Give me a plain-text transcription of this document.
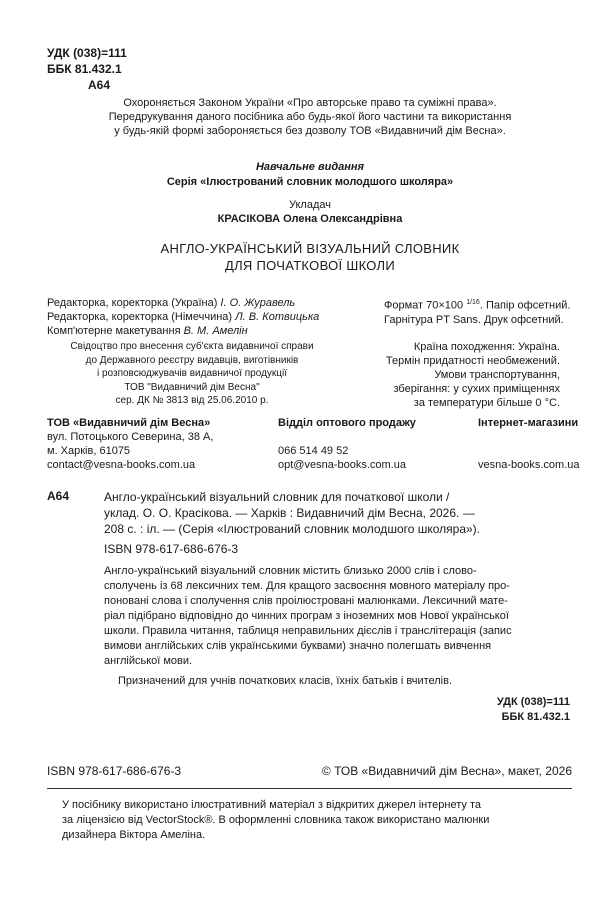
УДК (038)=111
ББК 81.432.1
А64
Охороняється Законом України «Про авторське право та суміжні права».
Передрукування даного посібника або будь-якої його частини та використання
у будь-якій формі забороняється без дозволу ТОВ «Видавничий дім Весна».
Навчальне видання
Серія «Ілюстрований словник молодшого школяра»
Укладач
КРАСІКОВА Олена Олександрівна
АНГЛО-УКРАЇНСЬКИЙ ВІЗУАЛЬНИЙ СЛОВНИК
ДЛЯ ПОЧАТКОВОЇ ШКОЛИ
Редакторка, коректорка (Україна) І. О. Журавель
Редакторка, коректорка (Німеччина) Л. В. Котвицька
Комп'ютерне макетування В. М. Амелін
Формат 70×100 $^{1/16}$. Папір офсетний.
Гарнітура PT Sans. Друк офсетний.
Свідоцтво про внесення суб'єкта видавничої справи
до Державного реєстру видавців, виготівників
і розповсюджувачів видавничої продукції
ТОВ "Видавничий дім Весна"
сер. ДК № 3813 від 25.06.2010 р.
Країна походження: Україна.
Термін придатності необмежений.
Умови транспортування,
зберігання: у сухих приміщеннях
за температури більше 0 °С.
ТОВ «Видавничий дім Весна»
вул. Потоцького Северина, 38 А,
м. Харків, 61075
contact@vesna-books.com.ua
Відділ оптового продажу
066 514 49 52
opt@vesna-books.com.ua
Інтернет-магазини
vesna-books.com.ua
А64	Англо-український візуальний словник для початкової школи /
уклад. О. О. Красікова. — Харків : Видавничий дім Весна, 2026. —
208 с. : іл. — (Серія «Ілюстрований словник молодшого школяра»).
ISBN 978-617-686-676-3
Англо-український візуальний словник містить близько 2000 слів і слово-
сполучень із 68 лексичних тем. Для кращого засвоєння мовного матеріалу про-
поновані слова і сполучення слів проілюстровані малюнками. Лексичний мате-
ріал підібрано відповідно до чинних програм з іноземних мов Нової української
школи. Правила читання, таблиця неправильних дієслів і транслітерація (запис
вимови англійських слів українськими буквами) значно полегшать вивчення
англійської мови.
Призначений для учнів початкових класів, їхніх батьків і вчителів.
УДК (038)=111
ББК 81.432.1
ISBN 978-617-686-676-3	© ТОВ «Видавничий дім Весна», макет, 2026
У посібнику використано ілюстративний матеріал з відкритих джерел інтернету та
за ліцензією від VectorStock®. В оформленні словника також використано малюнки
дизайнера Віктора Амеліна.
